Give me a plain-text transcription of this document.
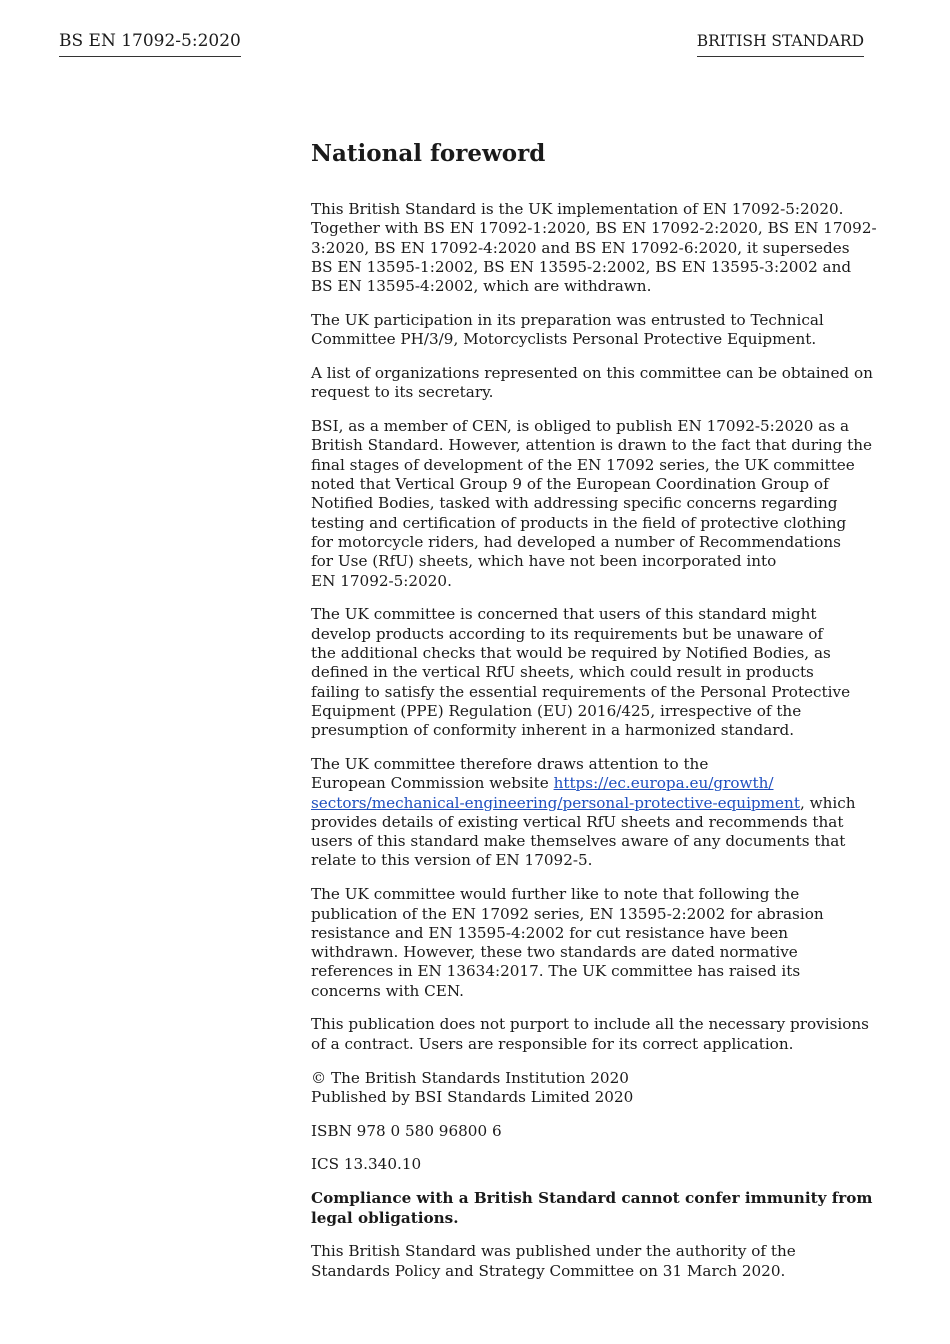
BS EN 17092-5:2020	BRITISH STANDARD
National foreword

This British Standard is the UK implementation of EN 17092-5:2020.
Together with BS EN 17092-1:2020, BS EN 17092-2:2020, BS EN 17092-
3:2020, BS EN 17092-4:2020 and BS EN 17092-6:2020, it supersedes
BS EN 13595-1:2002, BS EN 13595-2:2002, BS EN 13595-3:2002 and
BS EN 13595-4:2002, which are withdrawn.

The UK participation in its preparation was entrusted to Technical
Committee PH/3/9, Motorcyclists Personal Protective Equipment.

A list of organizations represented on this committee can be obtained on
request to its secretary.

BSI, as a member of CEN, is obliged to publish EN 17092-5:2020 as a
British Standard. However, attention is drawn to the fact that during the
final stages of development of the EN 17092 series, the UK committee
noted that Vertical Group 9 of the European Coordination Group of
Notified Bodies, tasked with addressing specific concerns regarding
testing and certification of products in the field of protective clothing
for motorcycle riders, had developed a number of Recommendations
for Use (RfU) sheets, which have not been incorporated into
EN 17092-5:2020.

The UK committee is concerned that users of this standard might
develop products according to its requirements but be unaware of
the additional checks that would be required by Notified Bodies, as
defined in the vertical RfU sheets, which could result in products
failing to satisfy the essential requirements of the Personal Protective
Equipment (PPE) Regulation (EU) 2016/425, irrespective of the
presumption of conformity inherent in a harmonized standard.

The UK committee therefore draws attention to the
European Commission website https://ec.europa.eu/growth/
sectors/mechanical-engineering/personal-protective-equipment, which
provides details of existing vertical RfU sheets and recommends that
users of this standard make themselves aware of any documents that
relate to this version of EN 17092-5.

The UK committee would further like to note that following the
publication of the EN 17092 series, EN 13595-2:2002 for abrasion
resistance and EN 13595-4:2002 for cut resistance have been
withdrawn. However, these two standards are dated normative
references in EN 13634:2017. The UK committee has raised its
concerns with CEN.

This publication does not purport to include all the necessary provisions
of a contract. Users are responsible for its correct application.

© The British Standards Institution 2020
Published by BSI Standards Limited 2020

ISBN 978 0 580 96800 6

ICS 13.340.10

Compliance with a British Standard cannot confer immunity from
legal obligations.

This British Standard was published under the authority of the
Standards Policy and Strategy Committee on 31 March 2020.
